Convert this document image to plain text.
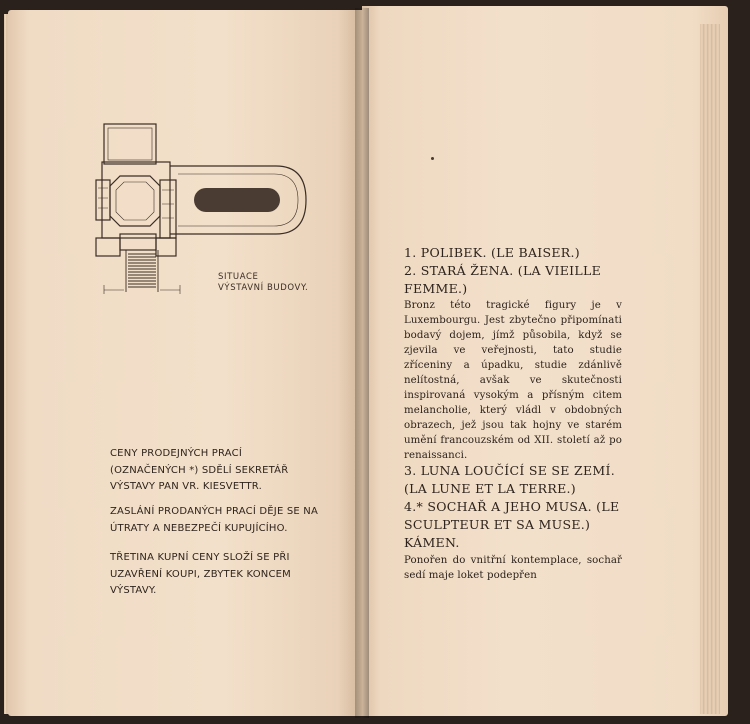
SITUACE
VÝSTAVNÍ BUDOVY.
CENY PRODEJNÝCH PRACÍ (OZNAČENÝCH *) SDĚLÍ SEKRETÁŘ VÝSTAVY PAN VR. KIESVETTR.
ZASLÁNÍ PRODANÝCH PRACÍ DĚJE SE NA ÚTRATY A NEBEZPEČÍ KUPUJÍCÍHO.
TŘETINA KUPNÍ CENY SLOŽÍ SE PŘI UZAVŘENÍ KOUPI, ZBYTEK KONCEM VÝSTAVY.
1. POLIBEK. (LE BAISER.)
2. STARÁ ŽENA. (LA VIEILLE FEMME.)
Bronz této tragické figury je v Luxembourgu. Jest zbytečno připomínati bodavý dojem, jímž působila, když se zjevila ve veřejnosti, tato studie zříceniny a úpadku, studie zdánlivě nelítostná, avšak ve skutečnosti inspirovaná vysokým a přísným citem melancholie, který vládl v obdobných obrazech, jež jsou tak hojny ve starém umění francouzském od XII. století až po renaissanci.
3. LUNA LOUČÍCÍ SE SE ZEMÍ. (LA LUNE ET LA TERRE.)
4.* SOCHAŘ A JEHO MUSA. (LE SCULPTEUR ET SA MUSE.)
KÁMEN.
Ponořen do vnitřní kontemplace, sochař sedí maje loket podepřen
